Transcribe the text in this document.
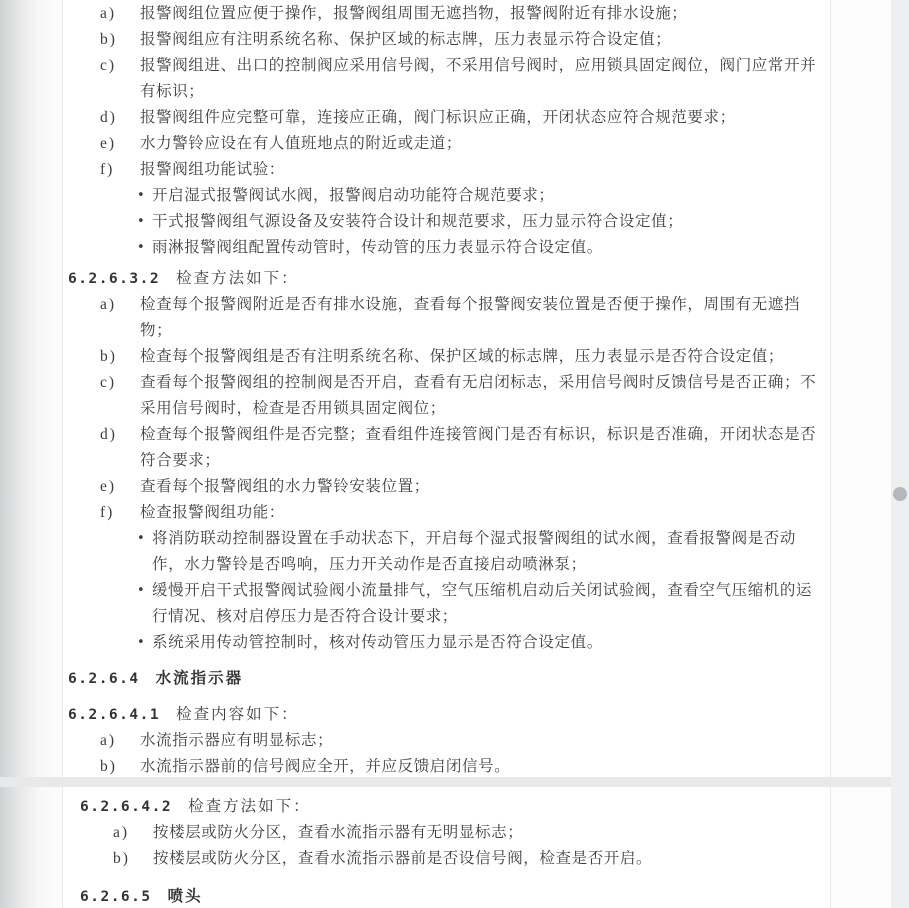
a) 报警阀组位置应便于操作，报警阀组周围无遮挡物，报警阀附近有排水设施；
b) 报警阀组应有注明系统名称、保护区域的标志牌，压力表显示符合设定值；
c) 报警阀组进、出口的控制阀应采用信号阀，不采用信号阀时，应用锁具固定阀位，阀门应常开并有标识；
d) 报警阀组件应完整可靠，连接应正确，阀门标识应正确，开闭状态应符合规范要求；
e) 水力警铃应设在有人值班地点的附近或走道；
f) 报警阀组功能试验：
• 开启湿式报警阀试水阀，报警阀启动功能符合规范要求；
• 干式报警阀组气源设备及安装符合设计和规范要求，压力显示符合设定值；
• 雨淋报警阀组配置传动管时，传动管的压力表显示符合设定值。
6.2.6.3.2 检查方法如下：
a) 检查每个报警阀附近是否有排水设施，查看每个报警阀安装位置是否便于操作，周围有无遮挡物；
b) 检查每个报警阀组是否有注明系统名称、保护区域的标志牌，压力表显示是否符合设定值；
c) 查看每个报警阀组的控制阀是否开启，查看有无启闭标志，采用信号阀时反馈信号是否正确；不采用信号阀时，检查是否用锁具固定阀位；
d) 检查每个报警阀组件是否完整；查看组件连接管阀门是否有标识，标识是否准确，开闭状态是否符合要求；
e) 查看每个报警阀组的水力警铃安装位置；
f) 检查报警阀组功能：
• 将消防联动控制器设置在手动状态下，开启每个湿式报警阀组的试水阀，查看报警阀是否动作，水力警铃是否鸣响，压力开关动作是否直接启动喷淋泵；
• 缓慢开启干式报警阀试验阀小流量排气，空气压缩机启动后关闭试验阀，查看空气压缩机的运行情况、核对启停压力是否符合设计要求；
• 系统采用传动管控制时，核对传动管压力显示是否符合设定值。
6.2.6.4 水流指示器
6.2.6.4.1 检查内容如下：
a) 水流指示器应有明显标志；
b) 水流指示器前的信号阀应全开，并应反馈启闭信号。
6.2.6.4.2 检查方法如下：
a) 按楼层或防火分区，查看水流指示器有无明显标志；
b) 按楼层或防火分区，查看水流指示器前是否设信号阀，检查是否开启。
6.2.6.5 喷头
